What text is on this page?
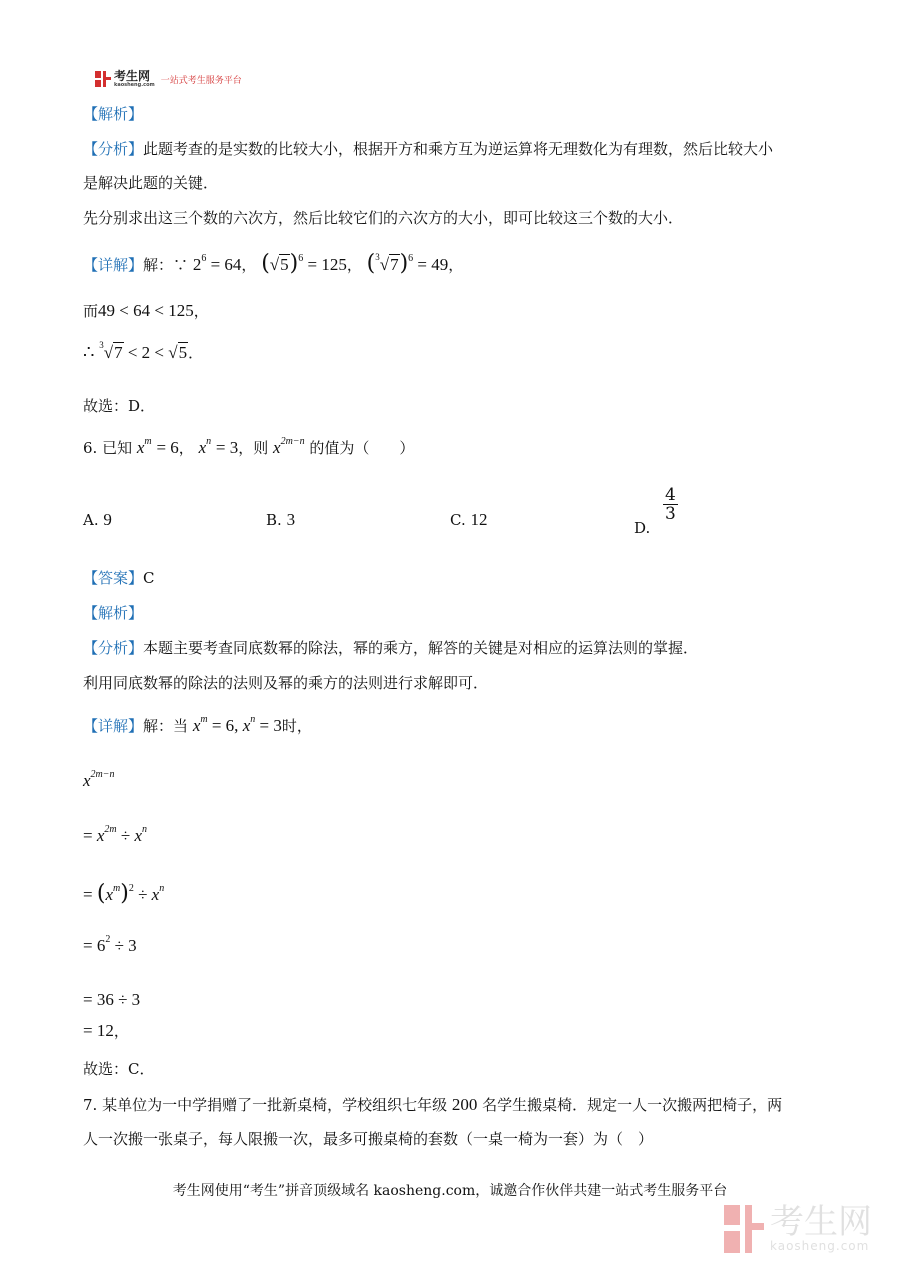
考生网
kaosheng.com 一站式考生服务平台
【解析】
【分析】此题考查的是实数的比较大小，根据开方和乘方互为逆运算将无理数化为有理数，然后比较大小
是解决此题的关键．
先分别求出这三个数的六次方，然后比较它们的六次方的大小，即可比较这三个数的大小．
【详解】解：∵ $2^6 = 64$， $(√5)^6 = 125$， $(^3√7)^6 = 49$，
而49 < 64 < 125，
∴ $^3$√7 < 2 < √5．
故选：D．
6. 已知 $x^m = 6$， $x^n = 3$，则 $x^{2m-n}$ 的值为（　　）
A. 9	B. 3	C. 12	D.
$\frac{4}{3}$
【答案】C
【解析】
【分析】本题主要考查同底数幂的除法，幂的乘方，解答的关键是对相应的运算法则的掌握．
利用同底数幂的除法的法则及幂的乘方的法则进行求解即可．
【详解】解：当 $x^m = 6$, $x^n = 3$时，
$x^{2m-n}$
= $x^{2m} \div x^n$
= $(x^m)^2 \div x^n$
= $6^2 \div 3$
= 36 ÷ 3
= 12，
故选：C．
7. 某单位为一中学捐赠了一批新桌椅，学校组织七年级 200 名学生搬桌椅．规定一人一次搬两把椅子，两
人一次搬一张桌子，每人限搬一次，最多可搬桌椅的套数（一桌一椅为一套）为（　）
考生网使用“考生”拼音顶级域名 kaosheng.com，诚邀合作伙伴共建一站式考生服务平台
考生网
kaosheng.com
